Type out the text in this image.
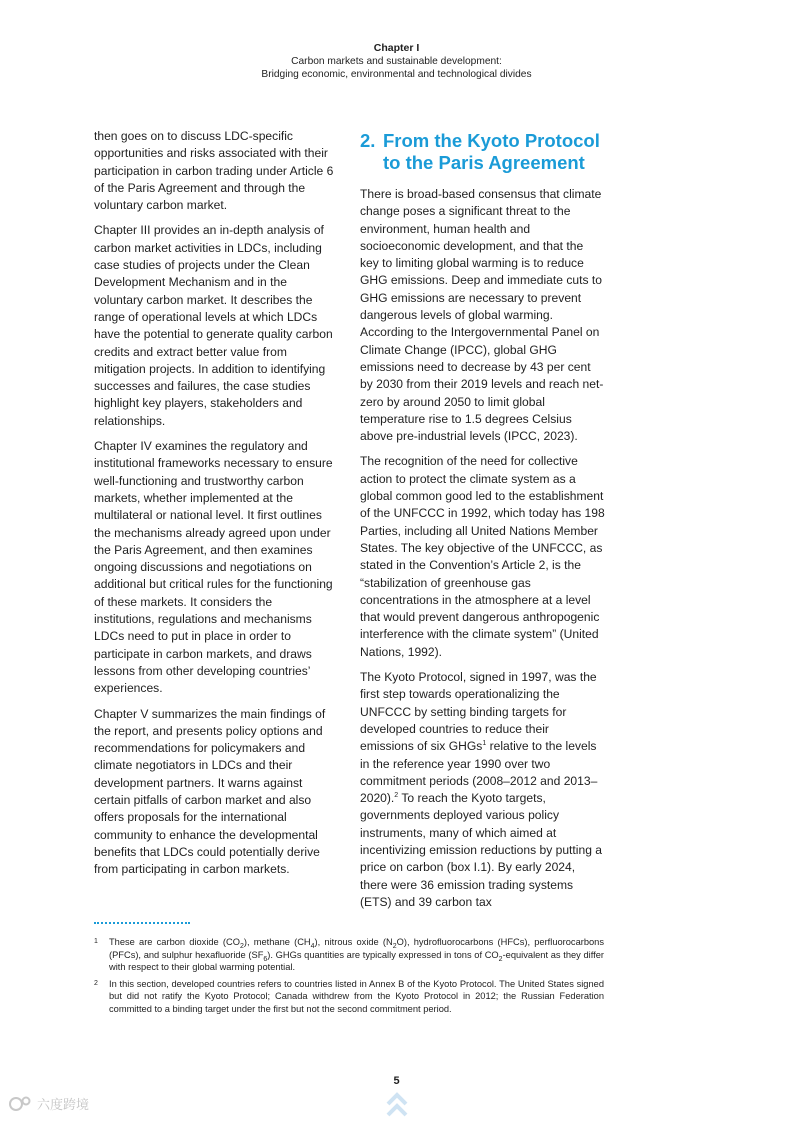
Chapter I
Carbon markets and sustainable development:
Bridging economic, environmental and technological divides

then goes on to discuss LDC-specific opportunities and risks associated with their participation in carbon trading under Article 6 of the Paris Agreement and through the voluntary carbon market.

Chapter III provides an in-depth analysis of carbon market activities in LDCs, including case studies of projects under the Clean Development Mechanism and in the voluntary carbon market. It describes the range of operational levels at which LDCs have the potential to generate quality carbon credits and extract better value from mitigation projects. In addition to identifying successes and failures, the case studies highlight key players, stakeholders and relationships.

Chapter IV examines the regulatory and institutional frameworks necessary to ensure well-functioning and trustworthy carbon markets, whether implemented at the multilateral or national level. It first outlines the mechanisms already agreed upon under the Paris Agreement, and then examines ongoing discussions and negotiations on additional but critical rules for the functioning of these markets. It considers the institutions, regulations and mechanisms LDCs need to put in place in order to participate in carbon markets, and draws lessons from other developing countries’ experiences.

Chapter V summarizes the main findings of the report, and presents policy options and recommendations for policymakers and climate negotiators in LDCs and their development partners. It warns against certain pitfalls of carbon market and also offers proposals for the international community to enhance the developmental benefits that LDCs could potentially derive from participating in carbon markets.

2. From the Kyoto Protocol to the Paris Agreement

There is broad-based consensus that climate change poses a significant threat to the environment, human health and socioeconomic development, and that the key to limiting global warming is to reduce GHG emissions. Deep and immediate cuts to GHG emissions are necessary to prevent dangerous levels of global warming. According to the Intergovernmental Panel on Climate Change (IPCC), global GHG emissions need to decrease by 43 per cent by 2030 from their 2019 levels and reach net-zero by around 2050 to limit global temperature rise to 1.5 degrees Celsius above pre-industrial levels (IPCC, 2023).

The recognition of the need for collective action to protect the climate system as a global common good led to the establishment of the UNFCCC in 1992, which today has 198 Parties, including all United Nations Member States. The key objective of the UNFCCC, as stated in the Convention’s Article 2, is the “stabilization of greenhouse gas concentrations in the atmosphere at a level that would prevent dangerous anthropogenic interference with the climate system” (United Nations, 1992).

The Kyoto Protocol, signed in 1997, was the first step towards operationalizing the UNFCCC by setting binding targets for developed countries to reduce their emissions of six GHGs$^1$ relative to the levels in the reference year 1990 over two commitment periods (2008–2012 and 2013–2020).$^2$ To reach the Kyoto targets, governments deployed various policy instruments, many of which aimed at incentivizing emission reductions by putting a price on carbon (box I.1). By early 2024, there were 36 emission trading systems (ETS) and 39 carbon tax

1	These are carbon dioxide $(CO_2)$, methane $(CH_4)$, nitrous oxide $(N_2O)$, hydrofluorocarbons (HFCs), perfluorocarbons (PFCs), and sulphur hexafluoride $(SF_6)$. GHGs quantities are typically expressed in tons of $CO_2$-equivalent as they differ with respect to their global warming potential.
2	In this section, developed countries refers to countries listed in Annex B of the Kyoto Protocol. The United States signed but did not ratify the Kyoto Protocol; Canada withdrew from the Kyoto Protocol in 2012; the Russian Federation committed to a binding target under the first but not the second commitment period.
5
六度跨境
